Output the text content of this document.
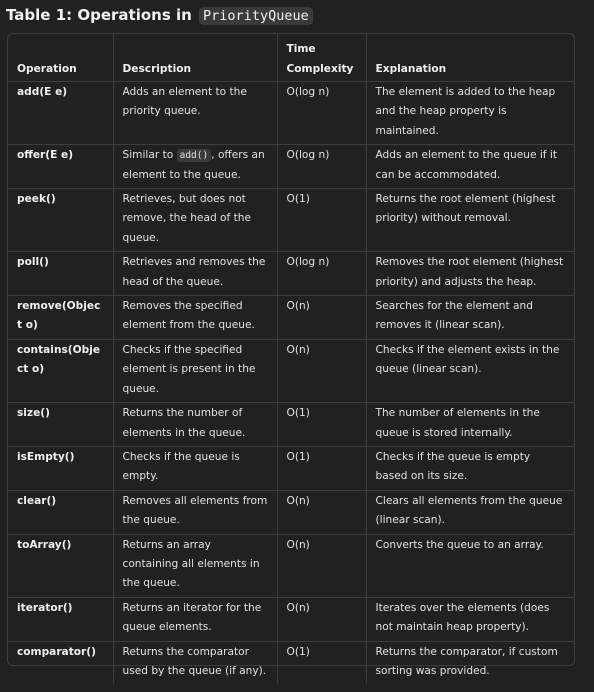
Table 1: Operations in PriorityQueue
Operation	Description	Time Complexity	Explanation
add(E e)	Adds an element to the priority queue.	O(log n)	The element is added to the heap and the heap property is maintained.
offer(E e)	Similar to add() , offers an element to the queue.	O(log n)	Adds an element to the queue if it can be accommodated.
peek()	Retrieves, but does not remove, the head of the queue.	O(1)	Returns the root element (highest priority) without removal.
poll()	Retrieves and removes the head of the queue.	O(log n)	Removes the root element (highest priority) and adjusts the heap.
remove(Object o)	Removes the specified element from the queue.	O(n)	Searches for the element and removes it (linear scan).
contains(Object o)	Checks if the specified element is present in the queue.	O(n)	Checks if the element exists in the queue (linear scan).
size()	Returns the number of elements in the queue.	O(1)	The number of elements in the queue is stored internally.
isEmpty()	Checks if the queue is empty.	O(1)	Checks if the queue is empty based on its size.
clear()	Removes all elements from the queue.	O(n)	Clears all elements from the queue (linear scan).
toArray()	Returns an array containing all elements in the queue.	O(n)	Converts the queue to an array.
iterator()	Returns an iterator for the queue elements.	O(n)	Iterates over the elements (does not maintain heap property).
comparator()	Returns the comparator used by the queue (if any).	O(1)	Returns the comparator, if custom sorting was provided.
